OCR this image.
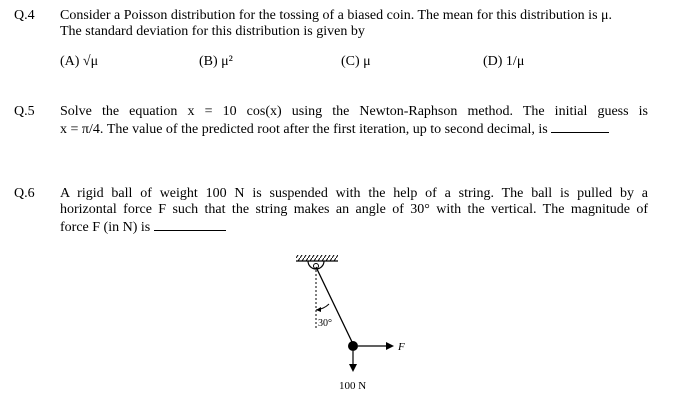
Q.4 Consider a Poisson distribution for the tossing of a biased coin. The mean for this distribution is μ.
The standard deviation for this distribution is given by
(A) √μ	(B) μ²	(C) μ	(D) 1/μ
Q.5 Solve the equation x = 10 cos(x) using the Newton-Raphson method. The initial guess is
x = π/4. The value of the predicted root after the first iteration, up to second decimal, is
Q.6 A rigid ball of weight 100 N is suspended with the help of a string. The ball is pulled by a
horizontal force F such that the string makes an angle of 30° with the vertical. The magnitude of
force F (in N) is
30°
F
100 N
